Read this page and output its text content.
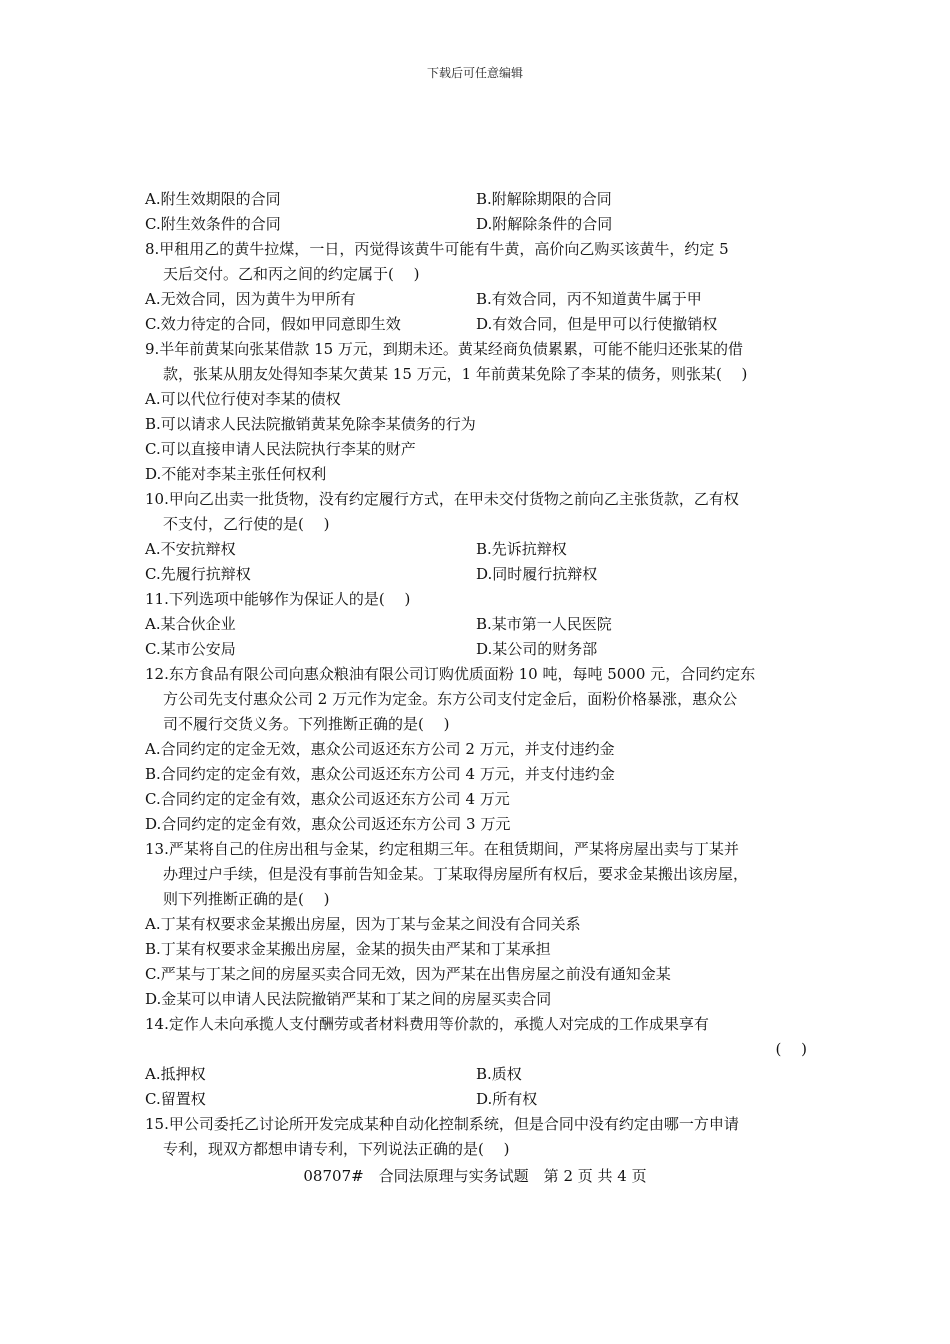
下载后可任意编辑
A.附生效期限的合同	B.附解除期限的合同
C.附生效条件的合同	D.附解除条件的合同
8.甲租用乙的黄牛拉煤，一日，丙觉得该黄牛可能有牛黄，高价向乙购买该黄牛，约定 5
天后交付。乙和丙之间的约定属于(　 )
A.无效合同，因为黄牛为甲所有	B.有效合同，丙不知道黄牛属于甲
C.效力待定的合同，假如甲同意即生效	D.有效合同，但是甲可以行使撤销权
9.半年前黄某向张某借款 15 万元，到期未还。黄某经商负债累累，可能不能归还张某的借
款，张某从朋友处得知李某欠黄某 15 万元，1 年前黄某免除了李某的债务，则张某(　 )
A.可以代位行使对李某的债权
B.可以请求人民法院撤销黄某免除李某债务的行为
C.可以直接申请人民法院执行李某的财产
D.不能对李某主张任何权利
10.甲向乙出卖一批货物，没有约定履行方式，在甲未交付货物之前向乙主张货款，乙有权
不支付，乙行使的是(　 )
A.不安抗辩权	B.先诉抗辩权
C.先履行抗辩权	D.同时履行抗辩权
11.下列选项中能够作为保证人的是(　 )
A.某合伙企业	B.某市第一人民医院
C.某市公安局	D.某公司的财务部
12.东方食品有限公司向惠众粮油有限公司订购优质面粉 10 吨，每吨 5000 元，合同约定东
方公司先支付惠众公司 2 万元作为定金。东方公司支付定金后，面粉价格暴涨，惠众公
司不履行交货义务。下列推断正确的是(　 )
A.合同约定的定金无效，惠众公司返还东方公司 2 万元，并支付违约金
B.合同约定的定金有效，惠众公司返还东方公司 4 万元，并支付违约金
C.合同约定的定金有效，惠众公司返还东方公司 4 万元
D.合同约定的定金有效，惠众公司返还东方公司 3 万元
13.严某将自己的住房出租与金某，约定租期三年。在租赁期间，严某将房屋出卖与丁某并
办理过户手续，但是没有事前告知金某。丁某取得房屋所有权后，要求金某搬出该房屋，
则下列推断正确的是(　 )
A.丁某有权要求金某搬出房屋，因为丁某与金某之间没有合同关系
B.丁某有权要求金某搬出房屋，金某的损失由严某和丁某承担
C.严某与丁某之间的房屋买卖合同无效，因为严某在出售房屋之前没有通知金某
D.金某可以申请人民法院撤销严某和丁某之间的房屋买卖合同
14.定作人未向承揽人支付酬劳或者材料费用等价款的，承揽人对完成的工作成果享有
(　 )
A.抵押权	B.质权
C.留置权	D.所有权
15.甲公司委托乙讨论所开发完成某种自动化控制系统，但是合同中没有约定由哪一方申请
专利，现双方都想申请专利，下列说法正确的是(　 )
08707#　合同法原理与实务试题　第 2 页 共 4 页
